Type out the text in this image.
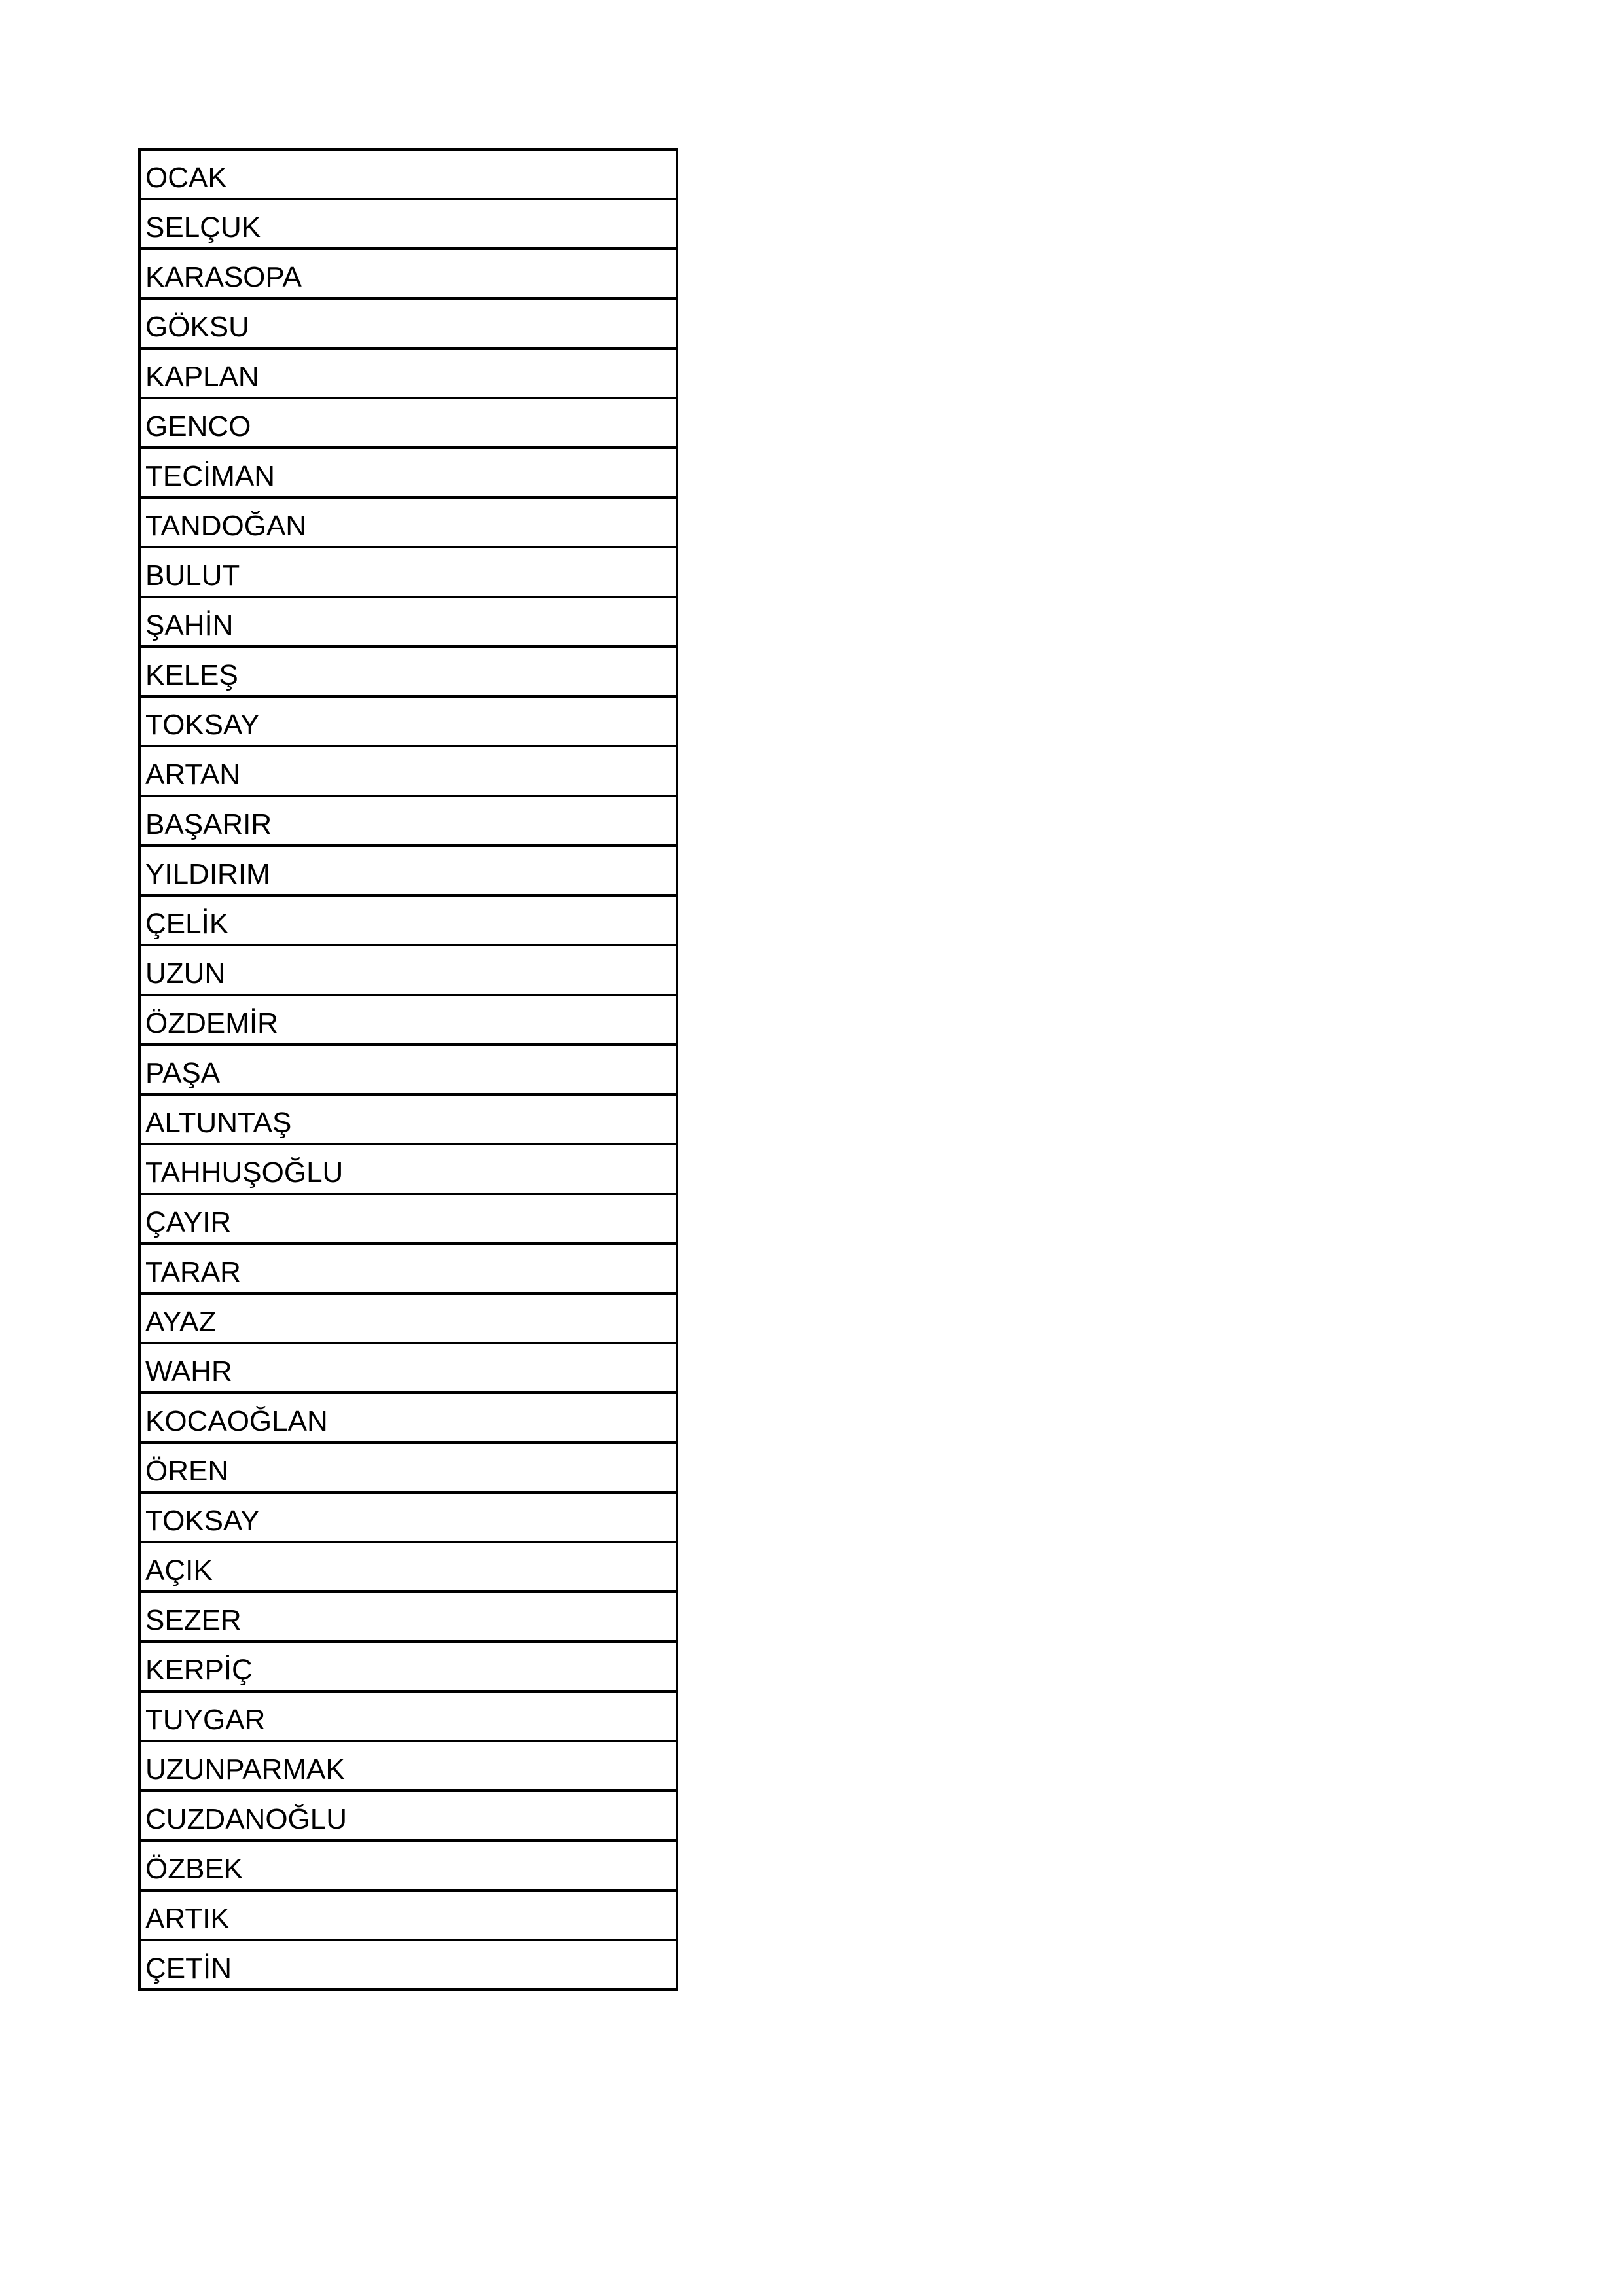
OCAK
SELÇUK
KARASOPA
GÖKSU
KAPLAN
GENCO
TECİMAN
TANDOĞAN
BULUT
ŞAHİN
KELEŞ
TOKSAY
ARTAN
BAŞARIR
YILDIRIM
ÇELİK
UZUN
ÖZDEMİR
PAŞA
ALTUNTAŞ
TAHHUŞOĞLU
ÇAYIR
TARAR
AYAZ
WAHR
KOCAOĞLAN
ÖREN
TOKSAY
AÇIK
SEZER
KERPİÇ
TUYGAR
UZUNPARMAK
CUZDANOĞLU
ÖZBEK
ARTIK
ÇETİN
